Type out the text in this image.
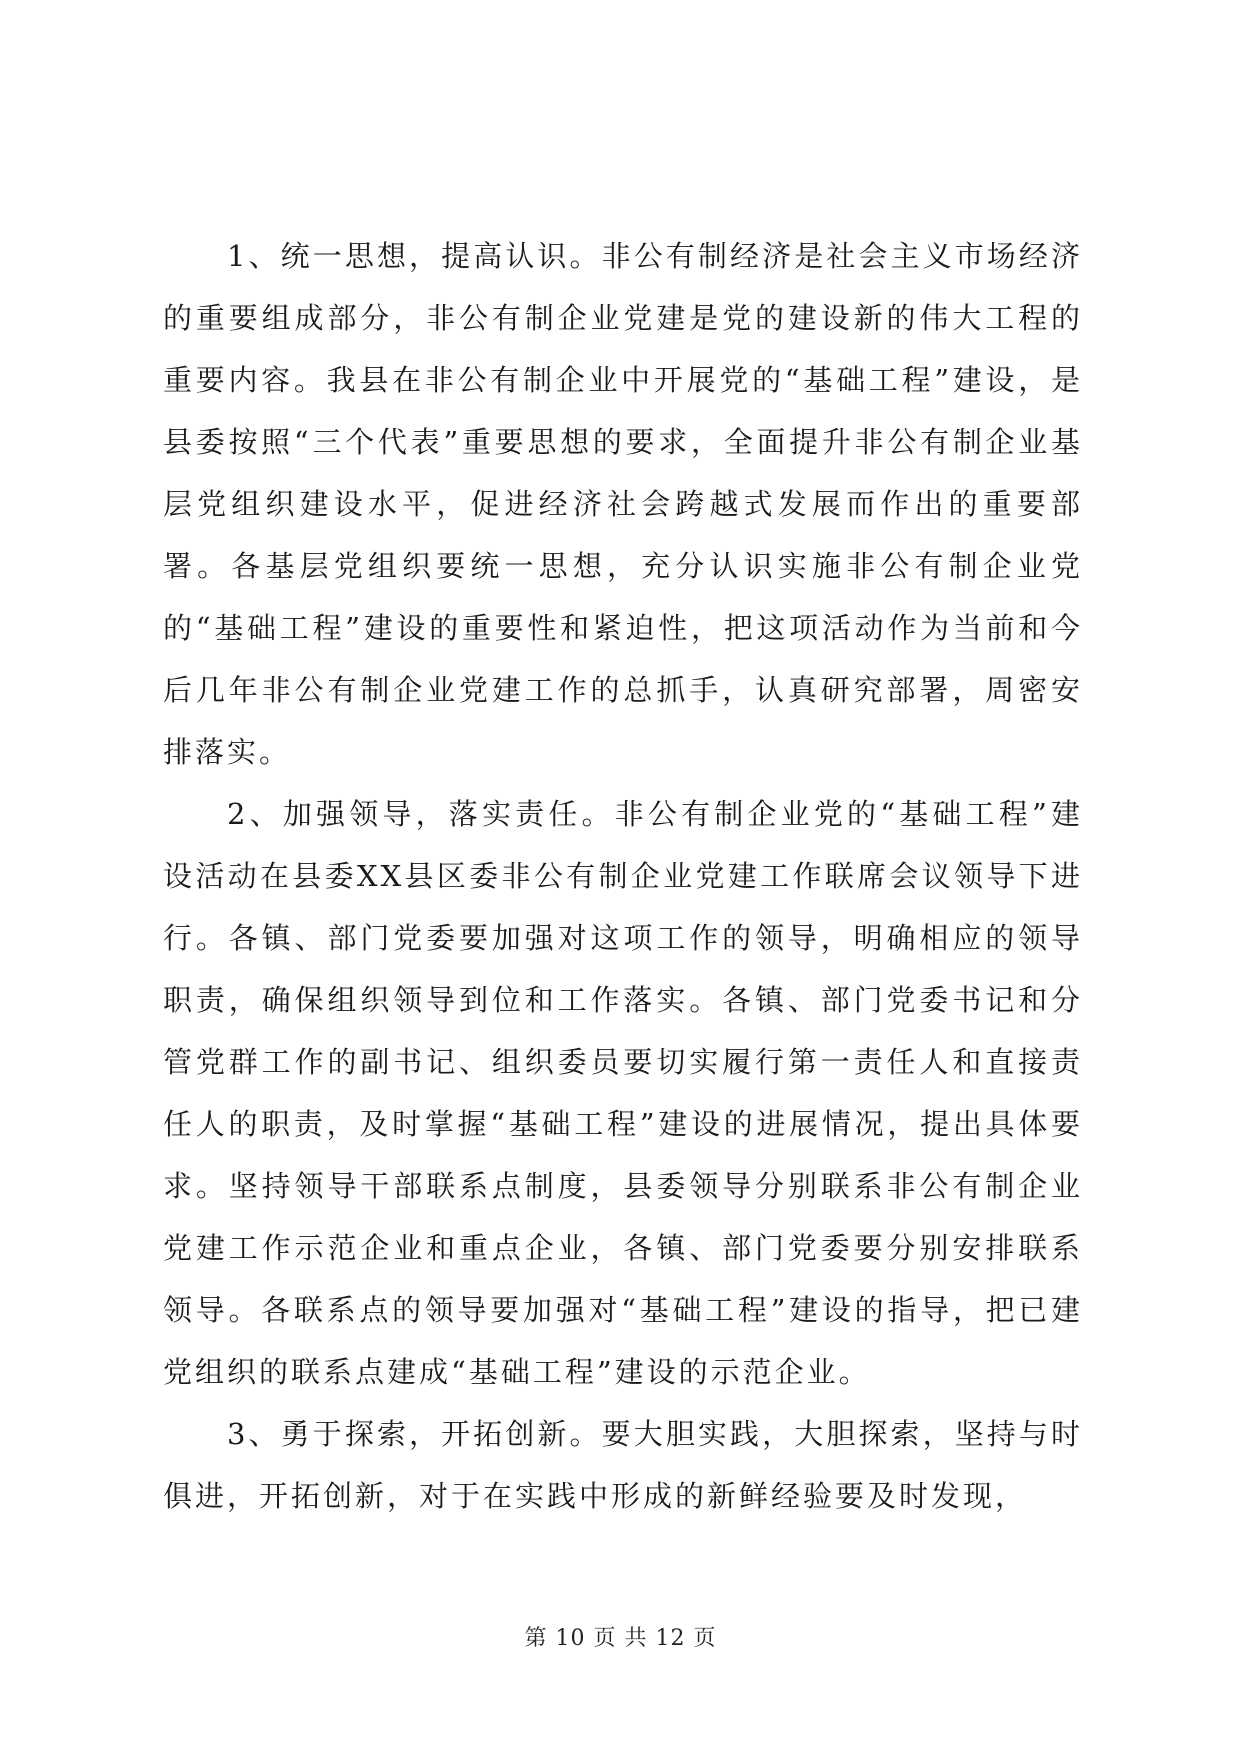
1、统一思想，提高认识。非公有制经济是社会主义市场经济的重要组成部分，非公有制企业党建是党的建设新的伟大工程的重要内容。我县在非公有制企业中开展党的“基础工程”建设，是县委按照“三个代表”重要思想的要求，全面提升非公有制企业基层党组织建设水平，促进经济社会跨越式发展而作出的重要部署。各基层党组织要统一思想，充分认识实施非公有制企业党的“基础工程”建设的重要性和紧迫性，把这项活动作为当前和今后几年非公有制企业党建工作的总抓手，认真研究部署，周密安排落实。

2、加强领导，落实责任。非公有制企业党的“基础工程”建设活动在县委XX县区委非公有制企业党建工作联席会议领导下进行。各镇、部门党委要加强对这项工作的领导，明确相应的领导职责，确保组织领导到位和工作落实。各镇、部门党委书记和分管党群工作的副书记、组织委员要切实履行第一责任人和直接责任人的职责，及时掌握“基础工程”建设的进展情况，提出具体要求。坚持领导干部联系点制度，县委领导分别联系非公有制企业党建工作示范企业和重点企业，各镇、部门党委要分别安排联系领导。各联系点的领导要加强对“基础工程”建设的指导，把已建党组织的联系点建成“基础工程”建设的示范企业。

3、勇于探索，开拓创新。要大胆实践，大胆探索，坚持与时俱进，开拓创新，对于在实践中形成的新鲜经验要及时发现，

第 10 页 共 12 页
